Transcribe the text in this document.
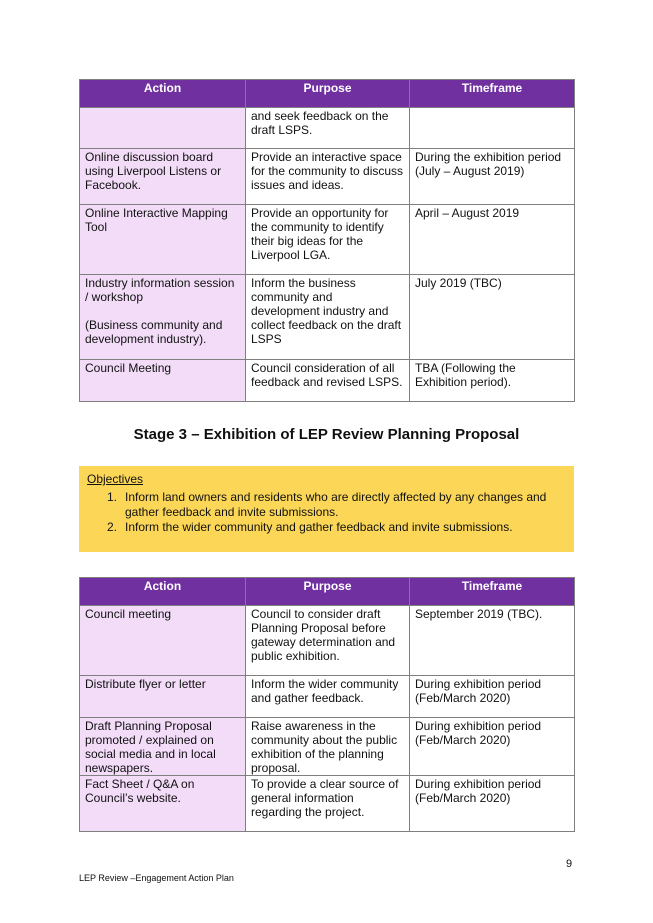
Action	Purpose	Timeframe

	and seek feedback on the
draft LSPS.	

Online discussion board
using Liverpool Listens or
Facebook.	Provide an interactive space
for the community to discuss
issues and ideas.	During the exhibition period
(July – August 2019)

Online Interactive Mapping
Tool	Provide an opportunity for
the community to identify
their big ideas for the
Liverpool LGA.	April – August 2019

Industry information session
/ workshop
(Business community and
development industry).	Inform the business
community and
development industry and
collect feedback on the draft
LSPS	July 2019 (TBC)

Council Meeting	Council consideration of all
feedback and revised LSPS.	TBA (Following the
Exhibition period).
Stage 3 – Exhibition of LEP Review Planning Proposal
Objectives
1. Inform land owners and residents who are directly affected by any changes and
gather feedback and invite submissions.
2. Inform the wider community and gather feedback and invite submissions.
Action	Purpose	Timeframe

Council meeting	Council to consider draft
Planning Proposal before
gateway determination and
public exhibition.	September 2019 (TBC).

Distribute flyer or letter	Inform the wider community
and gather feedback.	During exhibition period
(Feb/March 2020)

Draft Planning Proposal
promoted / explained on
social media and in local
newspapers.	Raise awareness in the
community about the public
exhibition of the planning
proposal.	During exhibition period
(Feb/March 2020)

Fact Sheet / Q&A on
Council’s website.	To provide a clear source of
general information
regarding the project.	During exhibition period
(Feb/March 2020)
9
LEP Review –Engagement Action Plan
